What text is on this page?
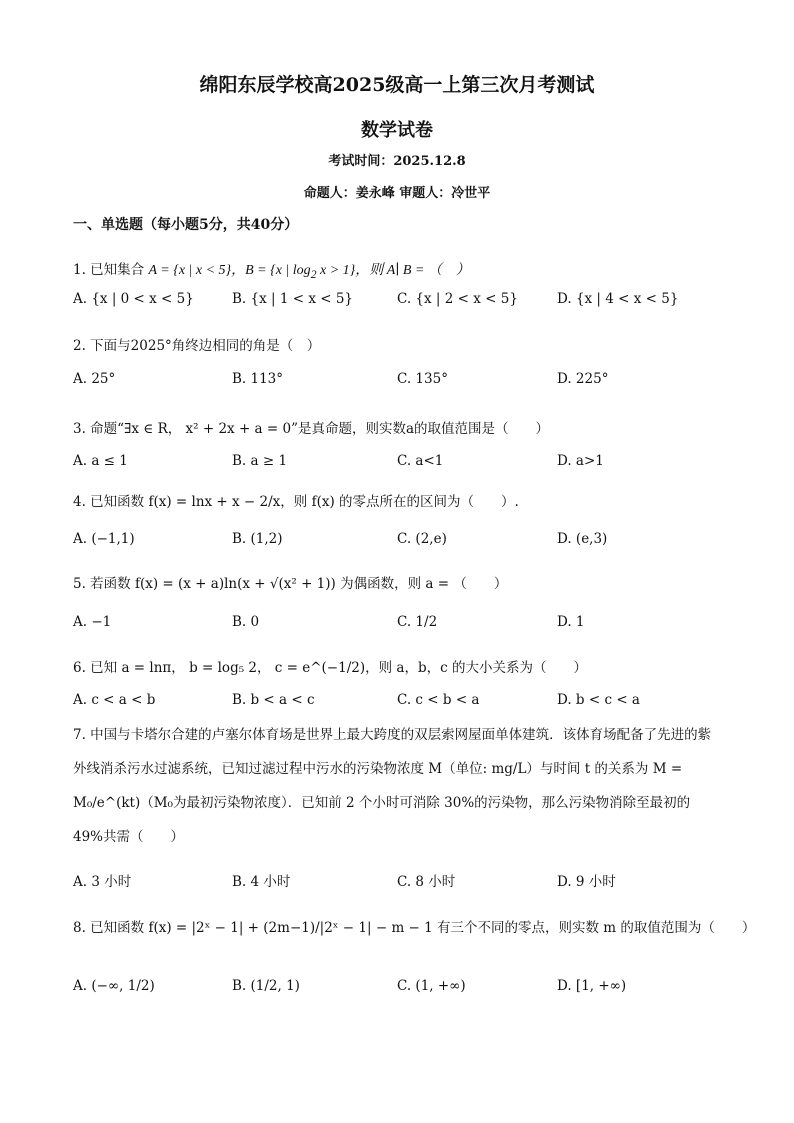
绵阳东辰学校高2025级高一上第三次月考测试
数学试卷
考试时间：2025.12.8
命题人：姜永峰 审题人：冷世平
一、单选题（每小题5分，共40分）
1. 已知集合 A = {x | x < 5}，B = {x | $\log_2 x > 1$}，则 A∣ B = （　）
A. {x | 0 < x < 5}	B. {x | 1 < x < 5}	C. {x | 2 < x < 5}	D. {x | 4 < x < 5}
2. 下面与2025°角终边相同的角是（　）
A. 25°	B. 113°	C. 135°	D. 225°
3. 命题“∃x ∈ R， x² + 2x + a = 0”是真命题，则实数a的取值范围是（　　）
A. a ≤ 1	B. a ≥ 1	C. a<1	D. a>1
4. 已知函数 f(x) = lnx + x − 2/x，则 f(x) 的零点所在的区间为（　　）.
A. (−1,1)	B. (1,2)	C. (2,e)	D. (e,3)
5. 若函数 f(x) = (x + a)ln(x + √(x² + 1)) 为偶函数，则 a = （　　）
A. −1	B. 0	C. 1/2	D. 1
6. 已知 a = lnπ， b = log₅ 2， c = e^(−1/2)，则 a，b，c 的大小关系为（　　）
A. c < a < b	B. b < a < c	C. c < b < a	D. b < c < a
7. 中国与卡塔尔合建的卢塞尔体育场是世界上最大跨度的双层索网屋面单体建筑．该体育场配备了先进的紫外线消杀污水过滤系统，已知过滤过程中污水的污染物浓度 M（单位: mg/L）与时间 t 的关系为 M = M₀/e^(kt)（M₀为最初污染物浓度）．已知前 2 个小时可消除 30%的污染物，那么污染物消除至最初的 49%共需（　　）
A. 3 小时	B. 4 小时	C. 8 小时	D. 9 小时
8. 已知函数 f(x) = |2ˣ − 1| + (2m−1)/|2ˣ − 1| − m − 1 有三个不同的零点，则实数 m 的取值范围为（　　）
A. (−∞, 1/2)	B. (1/2, 1)	C. (1, +∞)	D. [1, +∞)
